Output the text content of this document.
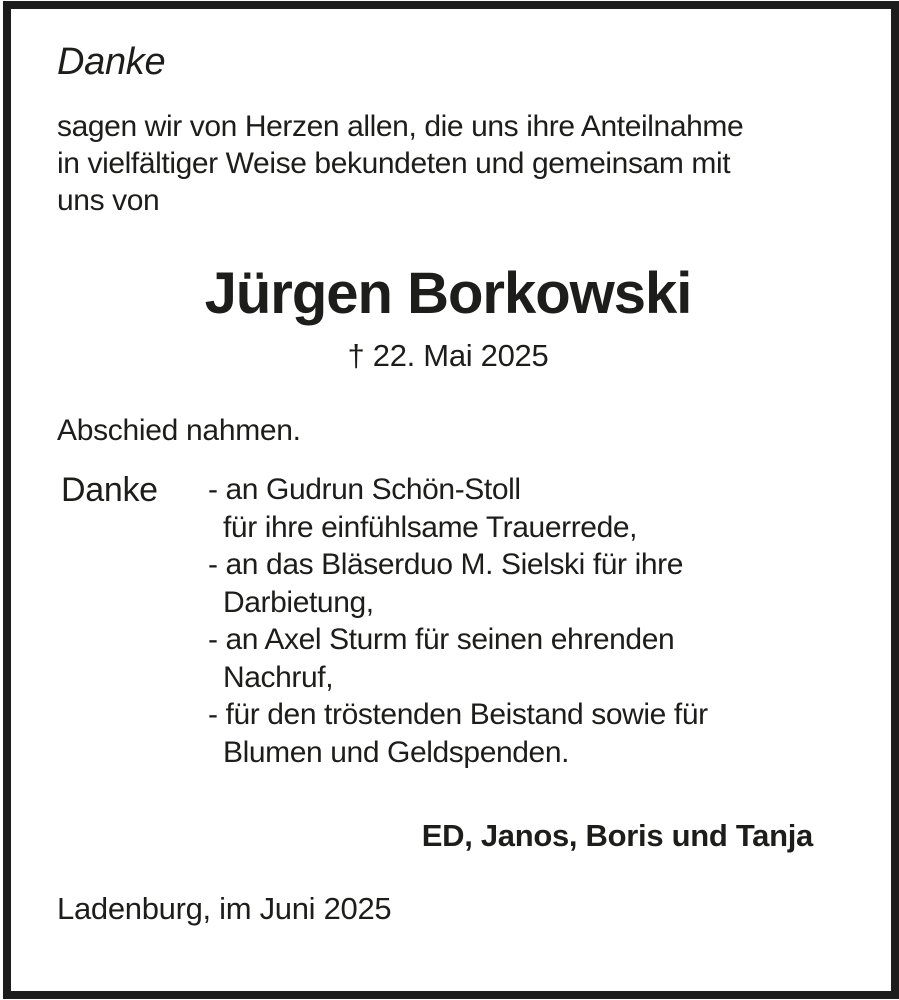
Danke
sagen wir von Herzen allen, die uns ihre Anteilnahme
in vielfältiger Weise bekundeten und gemeinsam mit
uns von
Jürgen Borkowski
† 22. Mai 2025
Abschied nahmen.
Danke	- an Gudrun Schön-Stoll
für ihre einfühlsame Trauerrede,
- an das Bläserduo M. Sielski für ihre
Darbietung,
- an Axel Sturm für seinen ehrenden
Nachruf,
- für den tröstenden Beistand sowie für
Blumen und Geldspenden.
ED, Janos, Boris und Tanja
Ladenburg, im Juni 2025
